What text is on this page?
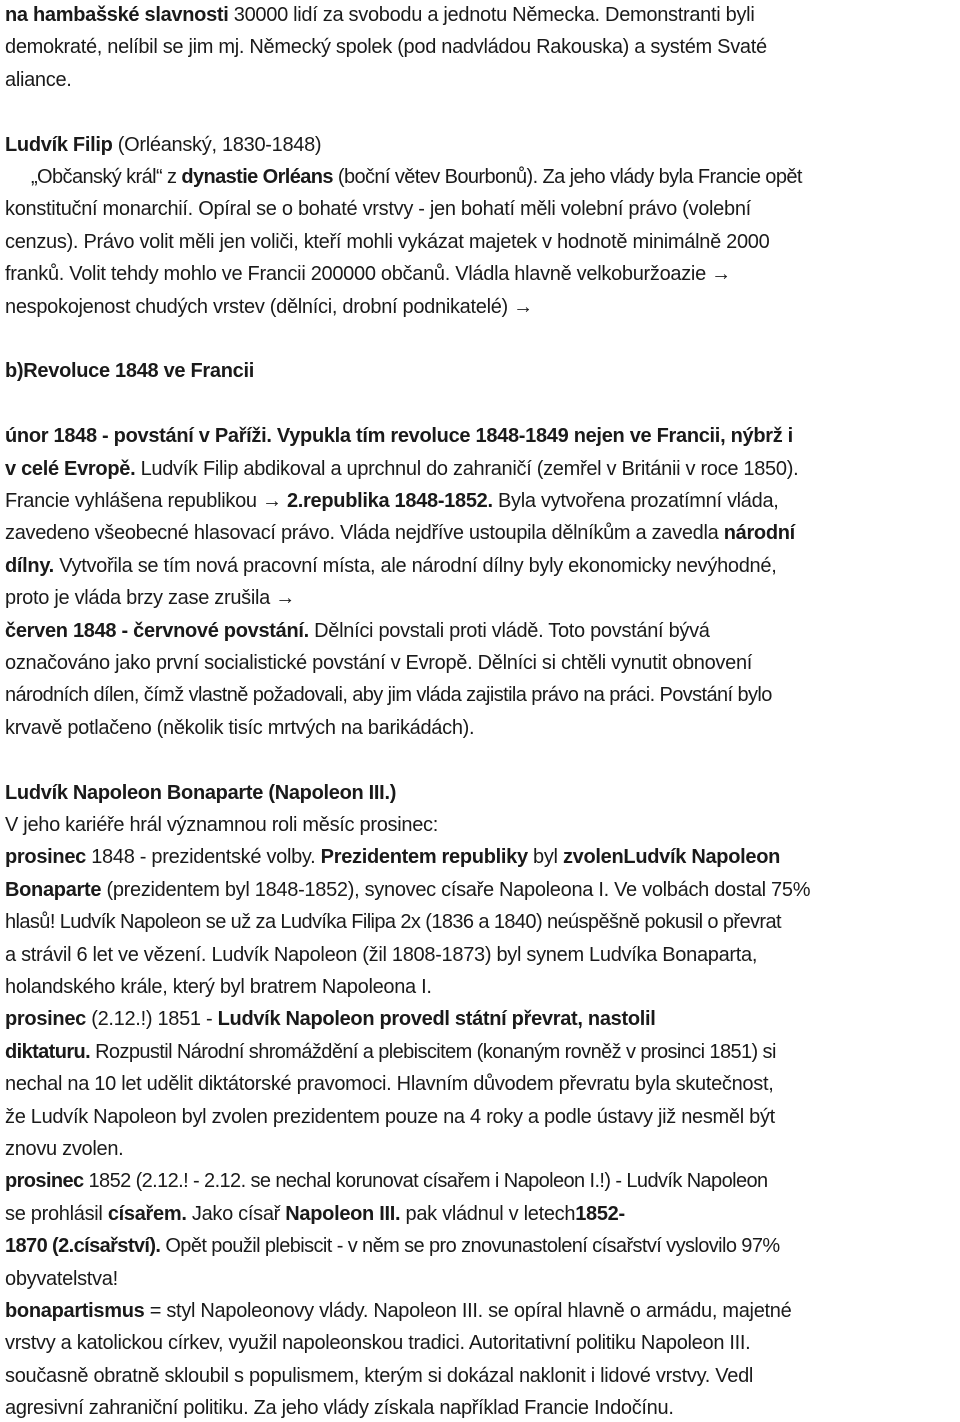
na hambašské slavnosti 30000 lidí za svobodu a jednotu Německa. Demonstranti byli
demokraté, nelíbil se jim mj. Německý spolek (pod nadvládou Rakouska) a systém Svaté
aliance.
Ludvík Filip (Orléanský, 1830-1848)
„Občanský král“ z dynastie Orléans (boční větev Bourbonů). Za jeho vlády byla Francie opět
konstituční monarchií. Opíral se o bohaté vrstvy - jen bohatí měli volební právo (volební
cenzus). Právo volit měli jen voliči, kteří mohli vykázat majetek v hodnotě minimálně 2000
franků. Volit tehdy mohlo ve Francii 200000 občanů. Vládla hlavně velkoburžoazie →
nespokojenost chudých vrstev (dělníci, drobní podnikatelé) →
b)Revoluce 1848 ve Francii
únor 1848 - povstání v Paříži. Vypukla tím revoluce 1848-1849 nejen ve Francii, nýbrž i
v celé Evropě. Ludvík Filip abdikoval a uprchnul do zahraničí (zemřel v Británii v roce 1850).
Francie vyhlášena republikou → 2.republika 1848-1852. Byla vytvořena prozatímní vláda,
zavedeno všeobecné hlasovací právo. Vláda nejdříve ustoupila dělníkům a zavedla národní
dílny. Vytvořila se tím nová pracovní místa, ale národní dílny byly ekonomicky nevýhodné,
proto je vláda brzy zase zrušila →
červen 1848 - červnové povstání. Dělníci povstali proti vládě. Toto povstání bývá
označováno jako první socialistické povstání v Evropě. Dělníci si chtěli vynutit obnovení
národních dílen, čímž vlastně požadovali, aby jim vláda zajistila právo na práci. Povstání bylo
krvavě potlačeno (několik tisíc mrtvých na barikádách).
Ludvík Napoleon Bonaparte (Napoleon III.)
V jeho kariéře hrál významnou roli měsíc prosinec:
prosinec 1848 - prezidentské volby. Prezidentem republiky byl zvolenLudvík Napoleon
Bonaparte (prezidentem byl 1848-1852), synovec císaře Napoleona I. Ve volbách dostal 75%
hlasů! Ludvík Napoleon se už za Ludvíka Filipa 2x (1836 a 1840) neúspěšně pokusil o převrat
a strávil 6 let ve vězení. Ludvík Napoleon (žil 1808-1873) byl synem Ludvíka Bonaparta,
holandského krále, který byl bratrem Napoleona I.
prosinec (2.12.!) 1851 - Ludvík Napoleon provedl státní převrat, nastolil
diktaturu. Rozpustil Národní shromáždění a plebiscitem (konaným rovněž v prosinci 1851) si
nechal na 10 let udělit diktátorské pravomoci. Hlavním důvodem převratu byla skutečnost,
že Ludvík Napoleon byl zvolen prezidentem pouze na 4 roky a podle ústavy již nesměl být
znovu zvolen.
prosinec 1852 (2.12.! - 2.12. se nechal korunovat císařem i Napoleon I.!) - Ludvík Napoleon
se prohlásil císařem. Jako císař Napoleon III. pak vládnul v letech1852-
1870 (2.císařství). Opět použil plebiscit - v něm se pro znovunastolení císařství vyslovilo 97%
obyvatelstva!
bonapartismus = styl Napoleonovy vlády. Napoleon III. se opíral hlavně o armádu, majetné
vrstvy a katolickou církev, využil napoleonskou tradici. Autoritativní politiku Napoleon III.
současně obratně skloubil s populismem, kterým si dokázal naklonit i lidové vrstvy. Vedl
agresivní zahraniční politiku. Za jeho vlády získala například Francie Indočínu.
